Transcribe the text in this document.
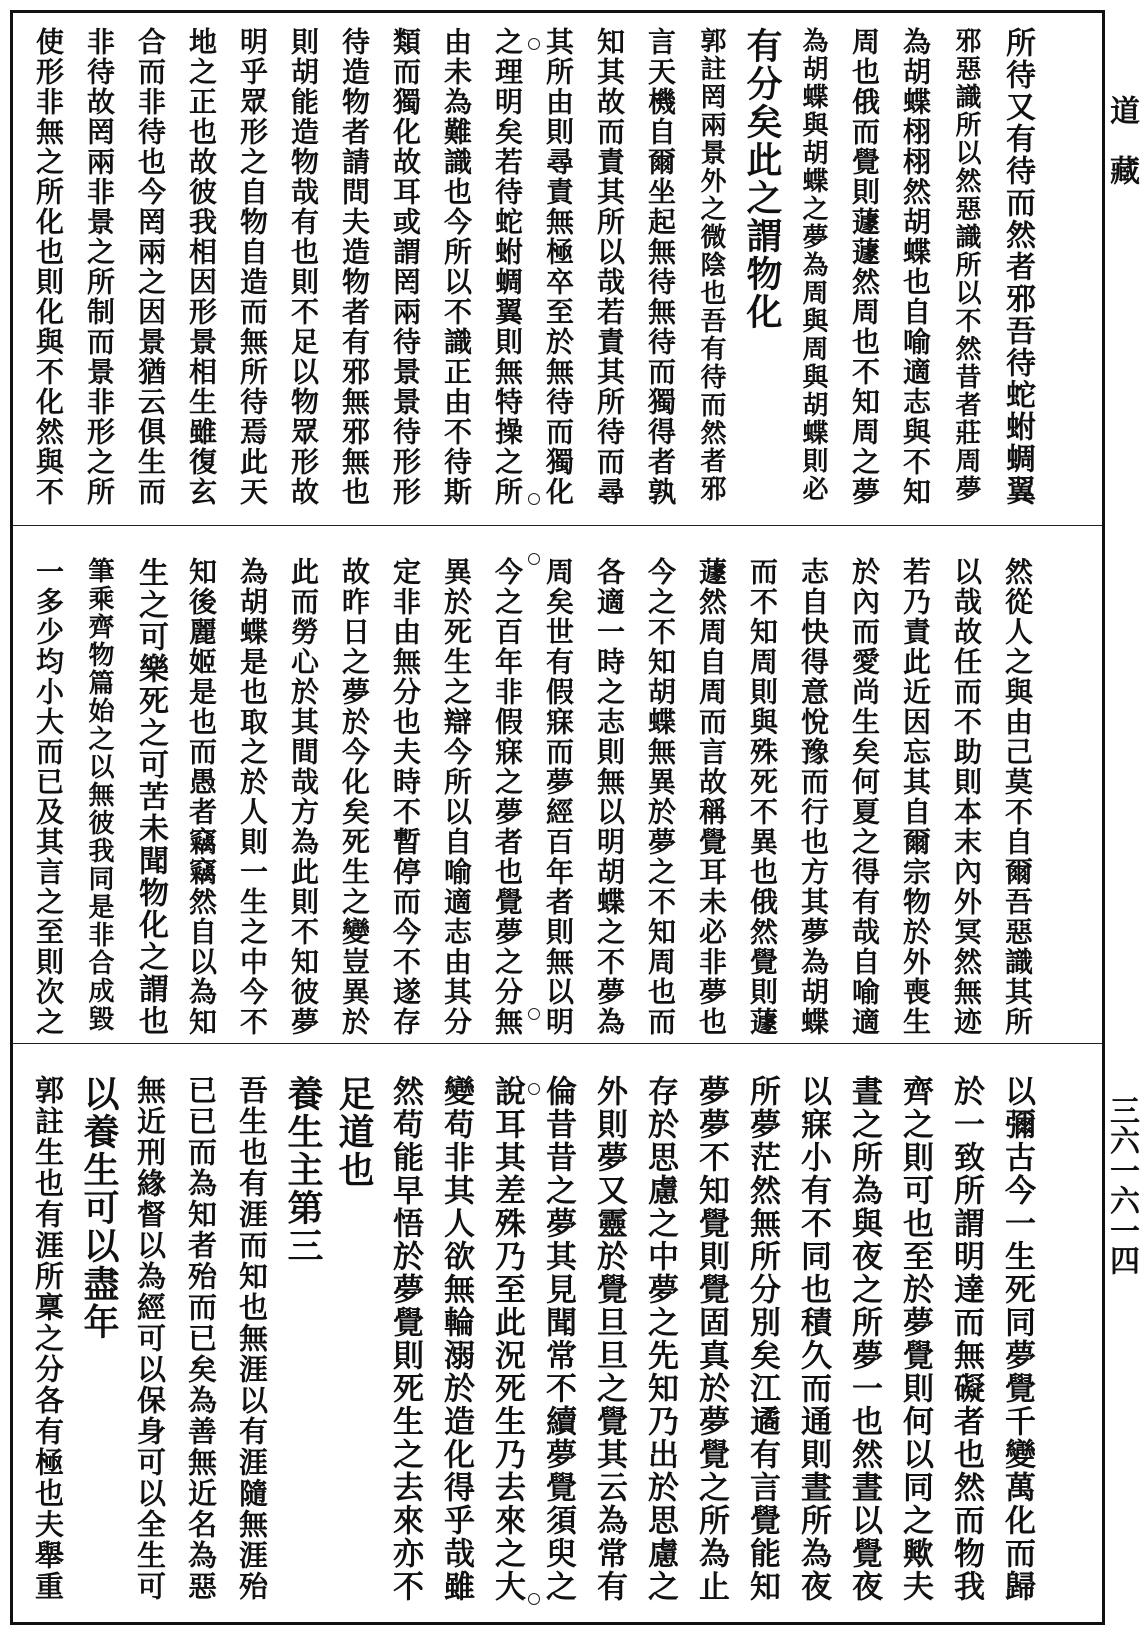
所待又有待而然者邪吾待蛇蚹蜩翼
邪惡識所以然惡識所以不然昔者莊周夢
為胡蝶栩栩然胡蝶也自喻適志與不知
周也俄而覺則蘧蘧然周也不知周之夢
為胡蝶與胡蝶之夢為周與周與胡蝶則必
有分矣此之謂物化
郭註罔兩景外之微陰也吾有待而然者邪
言天機自爾坐起無待無待而獨得者孰
知其故而責其所以哉若責其所待而尋
其所由則尋責無極卒至於無待而獨化
之理明矣若待蛇蚹蜩翼則無特操之所
由未為難識也今所以不識正由不待斯
類而獨化故耳或謂罔兩待景景待形形
待造物者請問夫造物者有邪無邪無也
則胡能造物哉有也則不足以物眾形故
明乎眾形之自物自造而無所待焉此天
地之正也故彼我相因形景相生雖復玄
合而非待也今罔兩之因景猶云俱生而
非待故罔兩非景之所制而景非形之所
使形非無之所化也則化與不化然與不
然從人之與由己莫不自爾吾惡識其所
以哉故任而不助則本末內外冥然無迹
若乃責此近因忘其自爾宗物於外喪生
於內而愛尚生矣何夏之得有哉自喻適
志自快得意悅豫而行也方其夢為胡蝶
而不知周則與殊死不異也俄然覺則蘧
蘧然周自周而言故稱覺耳未必非夢也
今之不知胡蝶無異於夢之不知周也而
各適一時之志則無以明胡蝶之不夢為
周矣世有假寐而夢經百年者則無以明
今之百年非假寐之夢者也覺夢之分無
異於死生之辯今所以自喻適志由其分
定非由無分也夫時不暫停而今不遂存
故昨日之夢於今化矣死生之變豈異於
此而勞心於其間哉方為此則不知彼夢
為胡蝶是也取之於人則一生之中今不
知後麗姬是也而愚者竊竊然自以為知
生之可樂死之可苦未聞物化之謂也
筆乘齊物篇始之以無彼我同是非合成毀
一多少均小大而已及其言之至則次之
以彌古今一生死同夢覺千變萬化而歸
於一致所謂明達而無礙者也然而物我
齊之則可也至於夢覺則何以同之歟夫
晝之所為與夜之所夢一也然晝以覺夜
以寐小有不同也積久而通則晝所為夜
所夢茫然無所分別矣江遹有言覺能知
夢夢不知覺則覺固真於夢覺之所為止
存於思慮之中夢之先知乃出於思慮之
外則夢又靈於覺旦旦之覺其云為常有
倫昔昔之夢其見聞常不續夢覺須臾之
說耳其差殊乃至此況死生乃去來之大
變苟非其人欲無輪溺於造化得乎哉雖
然苟能早悟於夢覺則死生之去來亦不
足道也
養生主第三
吾生也有涯而知也無涯以有涯隨無涯殆
已已而為知者殆而已矣為善無近名為惡
無近刑緣督以為經可以保身可以全生可
以養生可以盡年
郭註生也有涯所稟之分各有極也夫舉重
道　藏
三六一六一四
